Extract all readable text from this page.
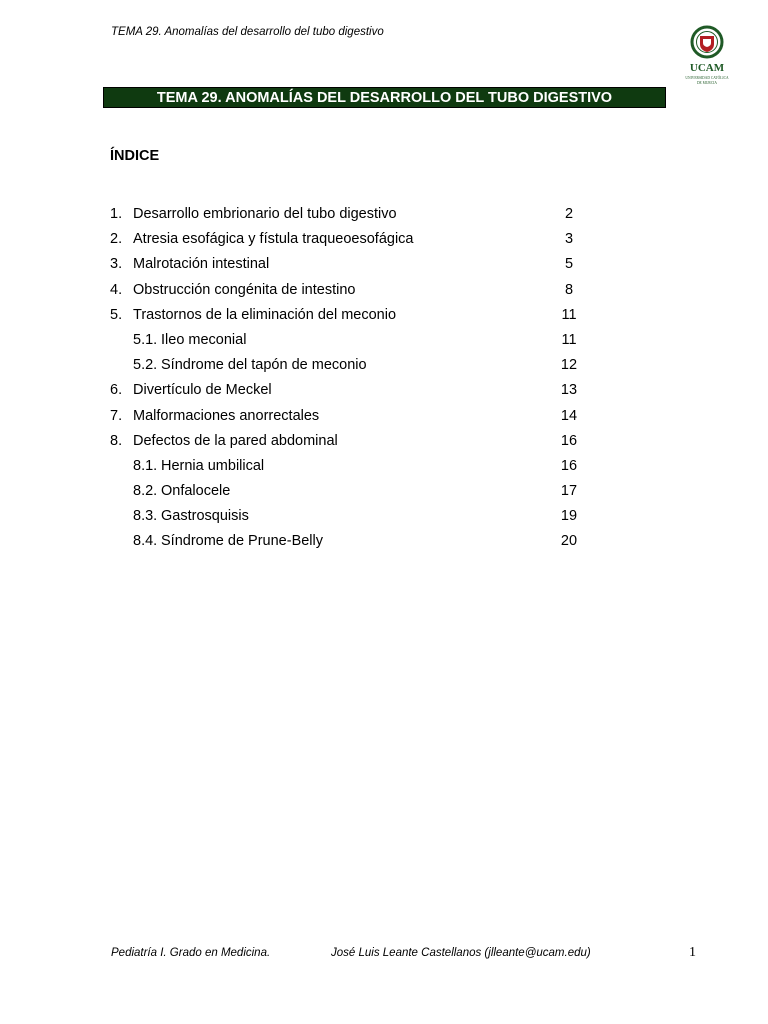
TEMA 29. Anomalías del desarrollo del tubo digestivo
UCAM
UNIVERSIDAD CATÓLICA
DE MURCIA
TEMA 29. ANOMALÍAS DEL DESARROLLO DEL TUBO DIGESTIVO
ÍNDICE
1. Desarrollo embrionario del tubo digestivo	2
2. Atresia esofágica y fístula traqueoesofágica	3
3. Malrotación intestinal	5
4. Obstrucción congénita de intestino	8
5. Trastornos de la eliminación del meconio	11
5.1. Ileo meconial	11
5.2. Síndrome del tapón de meconio	12
6. Divertículo de Meckel	13
7. Malformaciones anorrectales	14
8. Defectos de la pared abdominal	16
8.1. Hernia umbilical	16
8.2. Onfalocele	17
8.3. Gastrosquisis	19
8.4. Síndrome de Prune-Belly	20
Pediatría I. Grado en Medicina.	José Luis Leante Castellanos (jlleante@ucam.edu)	1
